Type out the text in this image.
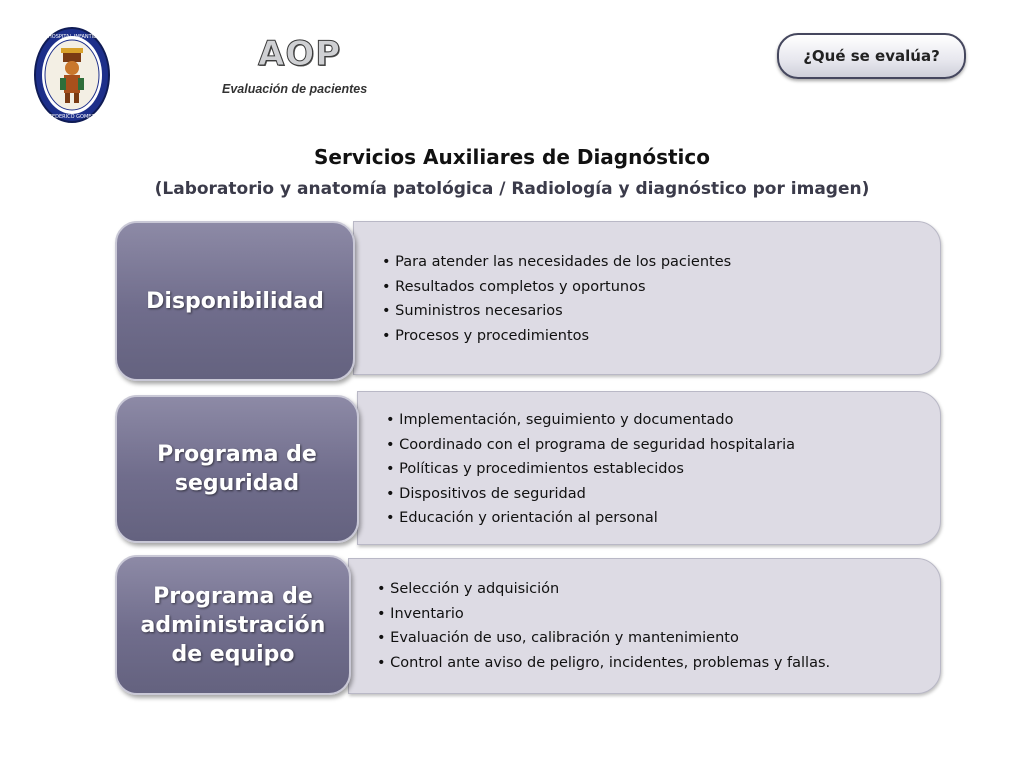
HOSPITAL INFANTIL
FEDERICO GOMEZ
AOP
Evaluación de pacientes
¿Qué se evalúa?
Servicios Auxiliares de Diagnóstico
(Laboratorio y anatomía patológica / Radiología y diagnóstico por imagen)
• Para atender las necesidades de los pacientes
• Resultados completos y oportunos
• Suministros necesarios
• Procesos y procedimientos
Disponibilidad
• Implementación, seguimiento y documentado
• Coordinado con el programa de seguridad hospitalaria
• Políticas y procedimientos establecidos
• Dispositivos de seguridad
• Educación y orientación al personal
Programa de seguridad
• Selección y adquisición
• Inventario
• Evaluación de uso, calibración y mantenimiento
• Control ante aviso de peligro, incidentes, problemas y fallas.
Programa de administración de equipo
